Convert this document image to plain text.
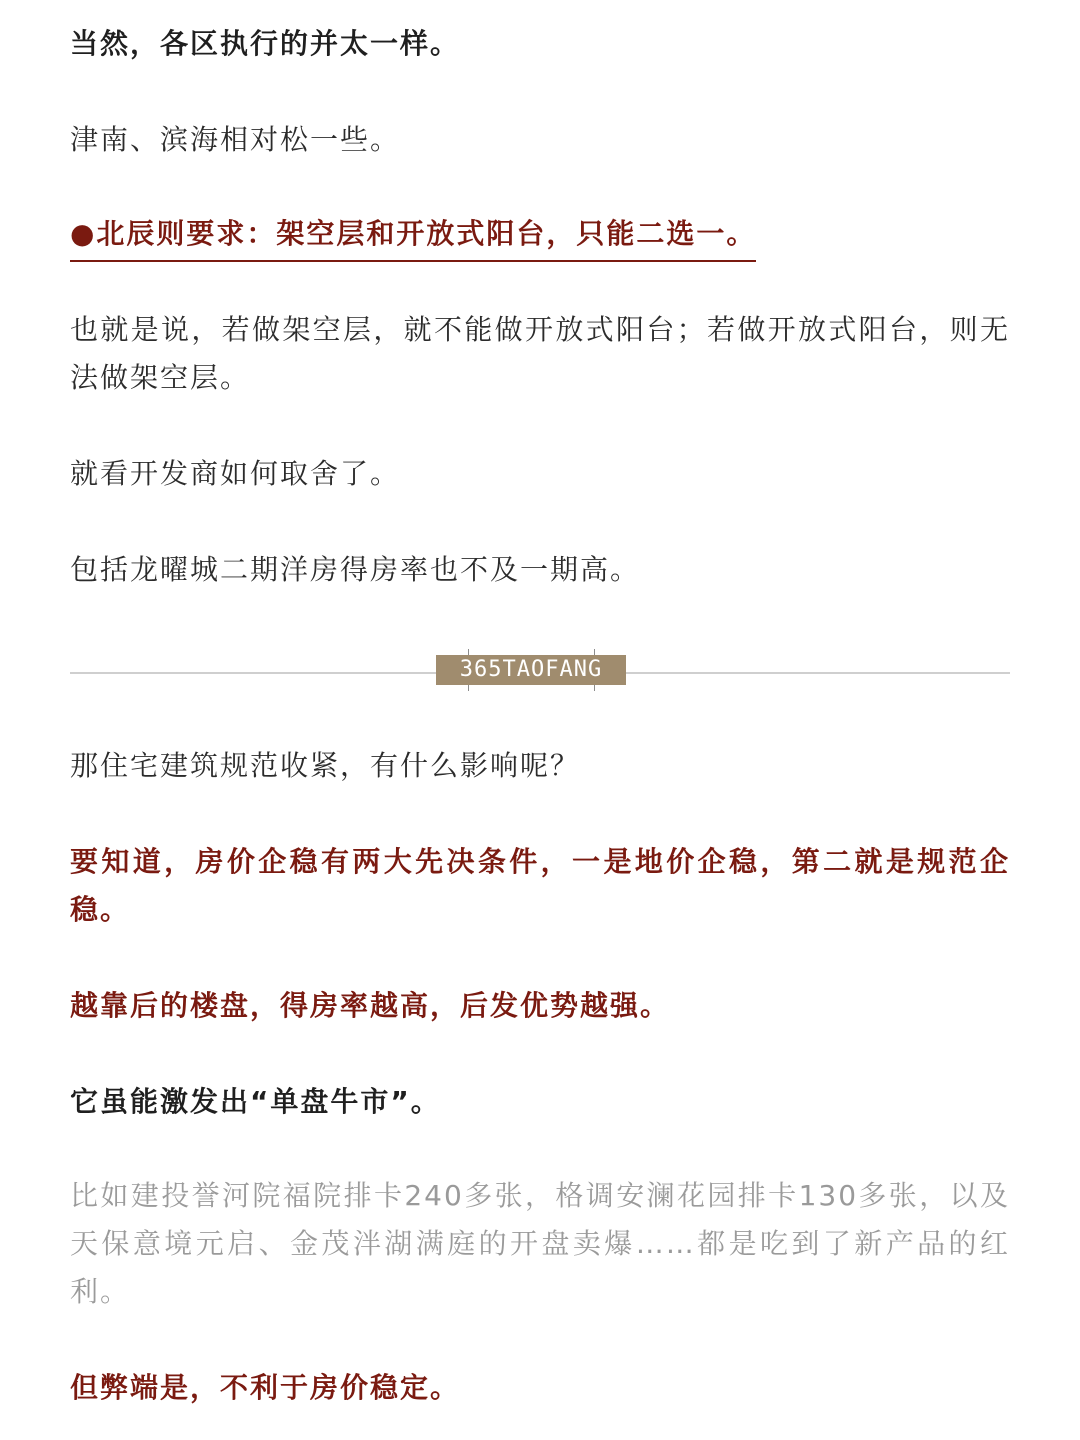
当然，各区执行的并太一样。

津南、滨海相对松一些。

●北辰则要求：架空层和开放式阳台，只能二选一。

也就是说，若做架空层，就不能做开放式阳台；若做开放式阳台，则无法做架空层。

就看开发商如何取舍了。

包括龙曜城二期洋房得房率也不及一期高。

365TAOFANG

那住宅建筑规范收紧，有什么影响呢？

要知道，房价企稳有两大先决条件，一是地价企稳，第二就是规范企稳。

越靠后的楼盘，得房率越高，后发优势越强。

它虽能激发出“单盘牛市”。

比如建投誉河院福院排卡240多张，格调安澜花园排卡130多张，以及天保意境元启、金茂泮湖满庭的开盘卖爆……都是吃到了新产品的红利。

但弊端是，不利于房价稳定。
